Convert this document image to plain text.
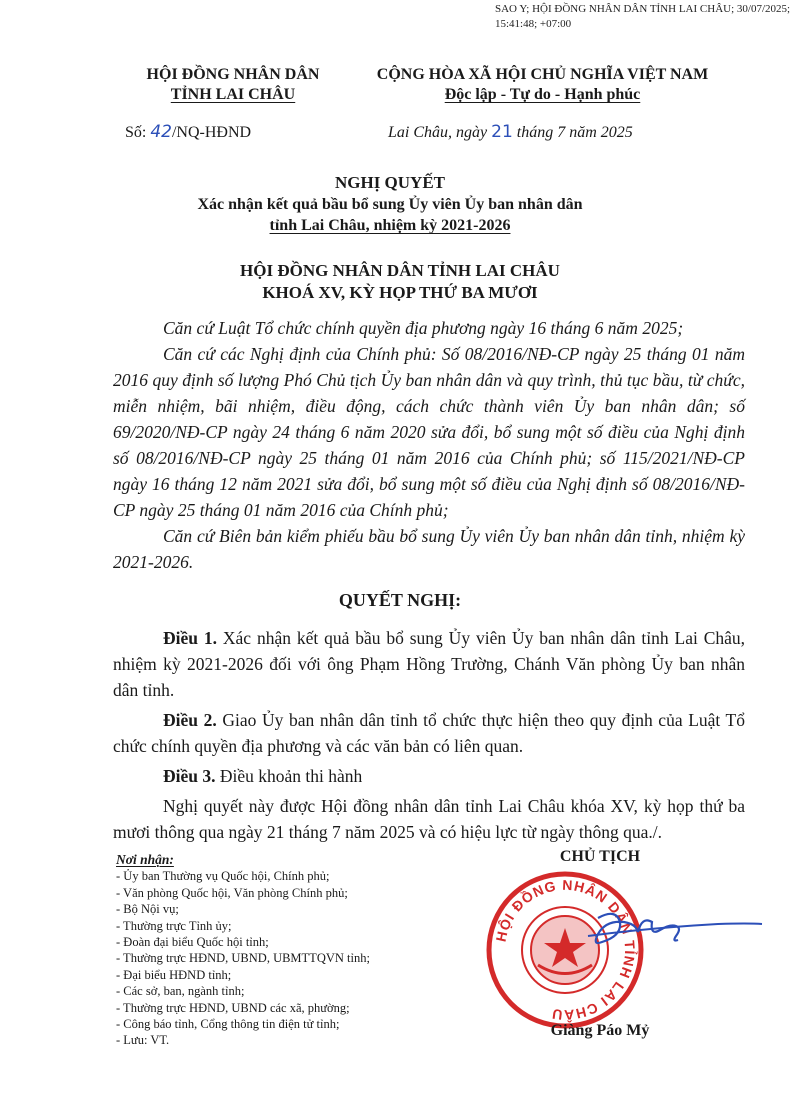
SAO Y; HỘI ĐỒNG NHÂN DÂN TỈNH LAI CHÂU; 30/07/2025; 15:41:48; +07:00
HỘI ĐỒNG NHÂN DÂN
TỈNH LAI CHÂU
Số: 42/NQ-HĐND
CỘNG HÒA XÃ HỘI CHỦ NGHĨA VIỆT NAM
Độc lập - Tự do - Hạnh phúc
Lai Châu, ngày 21 tháng 7 năm 2025
NGHỊ QUYẾT
Xác nhận kết quả bầu bổ sung Ủy viên Ủy ban nhân dân
tỉnh Lai Châu, nhiệm kỳ 2021-2026
HỘI ĐỒNG NHÂN DÂN TỈNH LAI CHÂU
KHOÁ XV, KỲ HỌP THỨ BA MƯƠI
Căn cứ Luật Tổ chức chính quyền địa phương ngày 16 tháng 6 năm 2025;
Căn cứ các Nghị định của Chính phủ: Số 08/2016/NĐ-CP ngày 25 tháng 01 năm 2016 quy định số lượng Phó Chủ tịch Ủy ban nhân dân và quy trình, thủ tục bầu, từ chức, miễn nhiệm, bãi nhiệm, điều động, cách chức thành viên Ủy ban nhân dân; số 69/2020/NĐ-CP ngày 24 tháng 6 năm 2020 sửa đổi, bổ sung một số điều của Nghị định số 08/2016/NĐ-CP ngày 25 tháng 01 năm 2016 của Chính phủ; số 115/2021/NĐ-CP ngày 16 tháng 12 năm 2021 sửa đổi, bổ sung một số điều của Nghị định số 08/2016/NĐ-CP ngày 25 tháng 01 năm 2016 của Chính phủ;
Căn cứ Biên bản kiểm phiếu bầu bổ sung Ủy viên Ủy ban nhân dân tỉnh, nhiệm kỳ 2021-2026.
QUYẾT NGHỊ:
Điều 1. Xác nhận kết quả bầu bổ sung Ủy viên Ủy ban nhân dân tỉnh Lai Châu, nhiệm kỳ 2021-2026 đối với ông Phạm Hồng Trường, Chánh Văn phòng Ủy ban nhân dân tỉnh.
Điều 2. Giao Ủy ban nhân dân tỉnh tổ chức thực hiện theo quy định của Luật Tổ chức chính quyền địa phương và các văn bản có liên quan.
Điều 3. Điều khoản thi hành
Nghị quyết này được Hội đồng nhân dân tỉnh Lai Châu khóa XV, kỳ họp thứ ba mươi thông qua ngày 21 tháng 7 năm 2025 và có hiệu lực từ ngày thông qua./.
Nơi nhận:
- Ủy ban Thường vụ Quốc hội, Chính phủ;
- Văn phòng Quốc hội, Văn phòng Chính phủ;
- Bộ Nội vụ;
- Thường trực Tỉnh ủy;
- Đoàn đại biểu Quốc hội tỉnh;
- Thường trực HĐND, UBND, UBMTTQVN tỉnh;
- Đại biểu HĐND tỉnh;
- Các sở, ban, ngành tỉnh;
- Thường trực HĐND, UBND các xã, phường;
- Công báo tỉnh, Cổng thông tin điện tử tỉnh;
- Lưu: VT.
CHỦ TỊCH
HỘI ĐỒNG NHÂN DÂN TỈNH LAI CHÂU
Giàng Páo Mỷ
